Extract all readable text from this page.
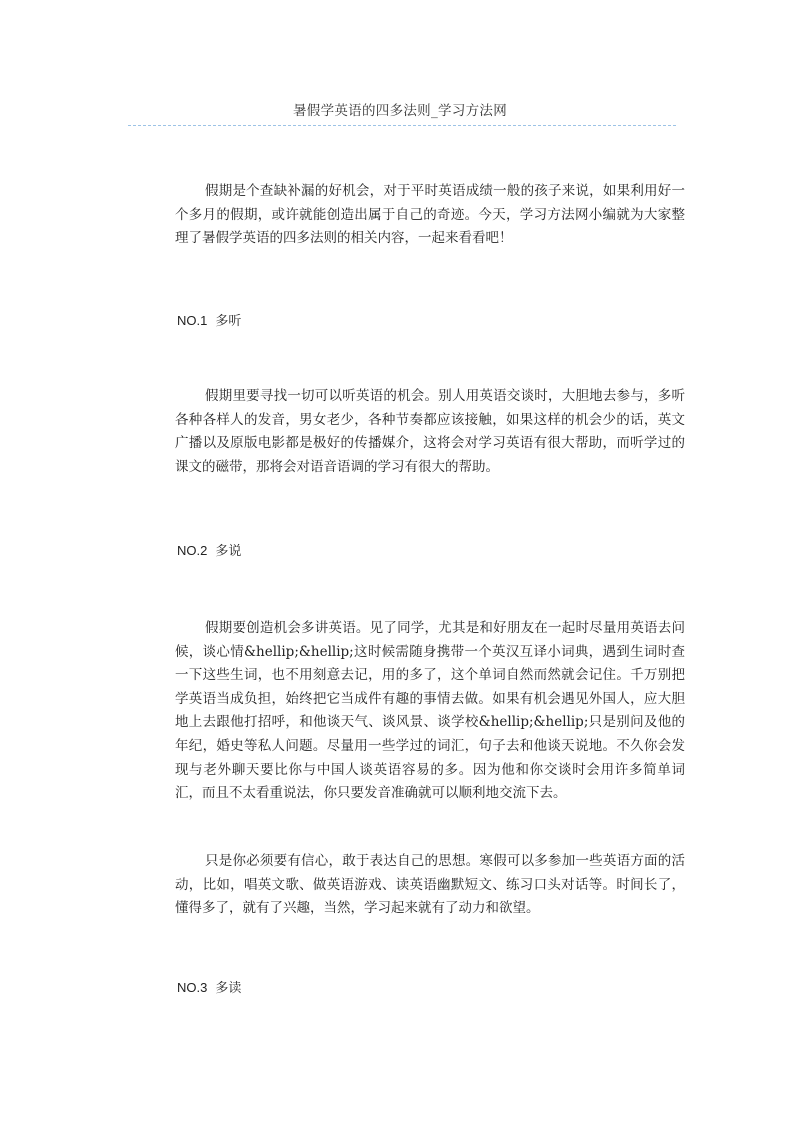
暑假学英语的四多法则_学习方法网

假期是个查缺补漏的好机会，对于平时英语成绩一般的孩子来说，如果利用好一个多月的假期，或许就能创造出属于自己的奇迹。今天，学习方法网小编就为大家整理了暑假学英语的四多法则的相关内容，一起来看看吧！

NO.1 多听

假期里要寻找一切可以听英语的机会。别人用英语交谈时，大胆地去参与，多听各种各样人的发音，男女老少，各种节奏都应该接触，如果这样的机会少的话，英文广播以及原版电影都是极好的传播媒介，这将会对学习英语有很大帮助，而听学过的课文的磁带，那将会对语音语调的学习有很大的帮助。

NO.2 多说

假期要创造机会多讲英语。见了同学，尤其是和好朋友在一起时尽量用英语去问候，谈心情&hellip;&hellip;这时候需随身携带一个英汉互译小词典，遇到生词时查一下这些生词，也不用刻意去记，用的多了，这个单词自然而然就会记住。千万别把学英语当成负担，始终把它当成件有趣的事情去做。如果有机会遇见外国人，应大胆地上去跟他打招呼，和他谈天气、谈风景、谈学校&hellip;&hellip;只是别问及他的年纪，婚史等私人问题。尽量用一些学过的词汇，句子去和他谈天说地。不久你会发现与老外聊天要比你与中国人谈英语容易的多。因为他和你交谈时会用许多简单词汇，而且不太看重说法，你只要发音准确就可以顺利地交流下去。

只是你必须要有信心，敢于表达自己的思想。寒假可以多参加一些英语方面的活动，比如，唱英文歌、做英语游戏、读英语幽默短文、练习口头对话等。时间长了，懂得多了，就有了兴趣，当然，学习起来就有了动力和欲望。

NO.3 多读
